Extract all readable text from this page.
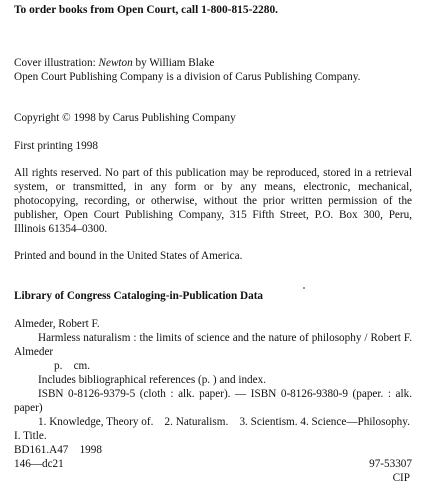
To order books from Open Court, call 1-800-815-2280.
Cover illustration: Newton by William Blake
Open Court Publishing Company is a division of Carus Publishing Company.
Copyright © 1998 by Carus Publishing Company
First printing 1998
All rights reserved. No part of this publication may be reproduced, stored in a retrieval system, or transmitted, in any form or by any means, electronic, mechanical, photocopying, recording, or otherwise, without the prior written permission of the publisher, Open Court Publishing Company, 315 Fifth Street, P.O. Box 300, Peru, Illinois 61354–0300.
Printed and bound in the United States of America.
Library of Congress Cataloging-in-Publication Data
Almeder, Robert F.
Harmless naturalism : the limits of science and the nature of philosophy / Robert F. Almeder
p.    cm.
Includes bibliographical references (p. ) and index.
ISBN 0-8126-9379-5 (cloth : alk. paper). — ISBN 0-8126-9380-9 (paper. : alk. paper)
1. Knowledge, Theory of.    2. Naturalism.    3. Scientism. 4. Science—Philosophy.    I. Title.
BD161.A47    1998
146—dc21	97-53307
CIP
